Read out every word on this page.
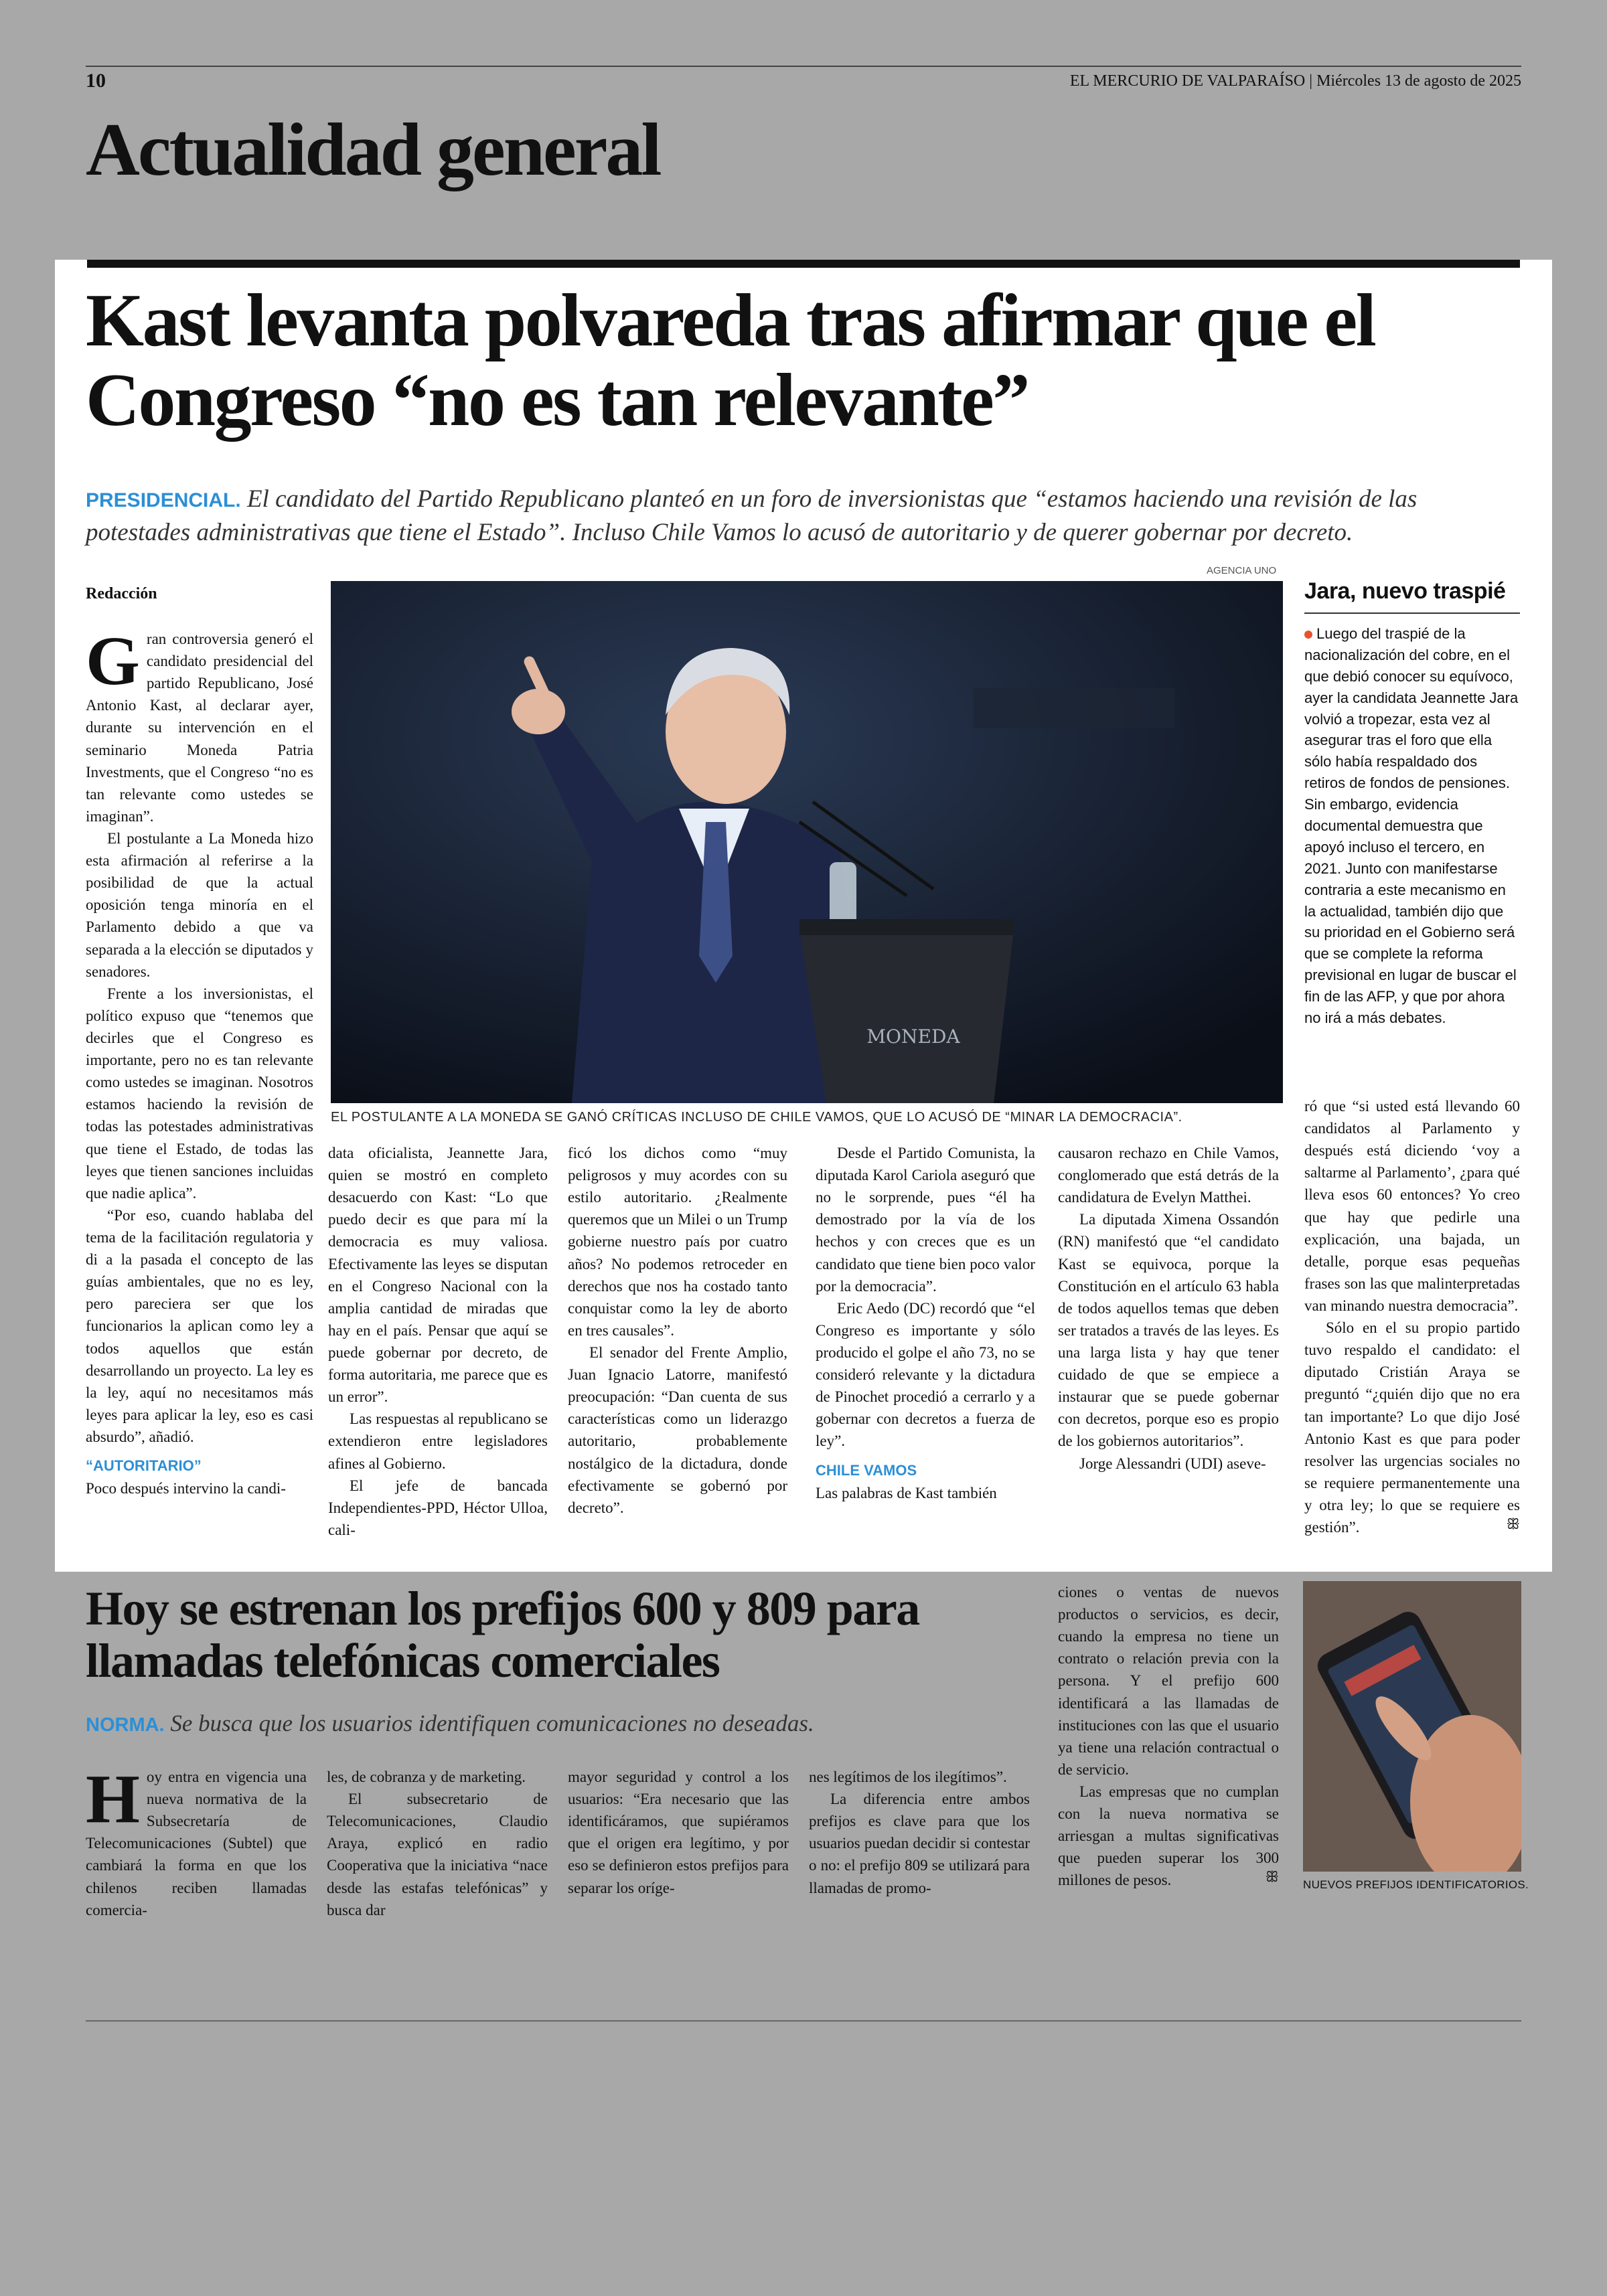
10	EL MERCURIO DE VALPARAÍSO | Miércoles 13 de agosto de 2025
Actualidad general
Kast levanta polvareda tras afirmar que el Congreso “no es tan relevante”
PRESIDENCIAL. El candidato del Partido Republicano planteó en un foro de inversionistas que “estamos haciendo una revisión de las potestades administrativas que tiene el Estado”. Incluso Chile Vamos lo acusó de autoritario y de querer gobernar por decreto.
Redacción

Gran controversia generó el candidato presidencial del partido Republicano, José Antonio Kast, al declarar ayer, durante su intervención en el seminario Moneda Patria Investments, que el Congreso “no es tan relevante como ustedes se imaginan”.

El postulante a La Moneda hizo esta afirmación al referirse a la posibilidad de que la actual oposición tenga minoría en el Parlamento debido a que va separada a la elección se diputados y senadores.

Frente a los inversionistas, el político expuso que “tenemos que decirles que el Congreso es importante, pero no es tan relevante como ustedes se imaginan. Nosotros estamos haciendo la revisión de todas las potestades administrativas que tiene el Estado, de todas las leyes que tienen sanciones incluidas que nadie aplica”.

“Por eso, cuando hablaba del tema de la facilitación regulatoria y di a la pasada el concepto de las guías ambientales, que no es ley, pero pareciera ser que los funcionarios la aplican como ley a todos aquellos que están desarrollando un proyecto. La ley es la ley, aquí no necesitamos más leyes para aplicar la ley, eso es casi absurdo”, añadió.

“AUTORITARIO”

Poco después intervino la candi-

AGENCIA UNO
MONEDA
EL POSTULANTE A LA MONEDA SE GANÓ CRÍTICAS INCLUSO DE CHILE VAMOS, QUE LO ACUSÓ DE “MINAR LA DEMOCRACIA”.

data oficialista, Jeannette Jara, quien se mostró en completo desacuerdo con Kast: “Lo que puedo decir es que para mí la democracia es muy valiosa. Efectivamente las leyes se disputan en el Congreso Nacional con la amplia cantidad de miradas que hay en el país. Pensar que aquí se puede gobernar por decreto, de forma autoritaria, me parece que es un error”.

Las respuestas al republicano se extendieron entre legisladores afines al Gobierno.

El jefe de bancada Independientes-PPD, Héctor Ulloa, cali-

ficó los dichos como “muy peligrosos y muy acordes con su estilo autoritario. ¿Realmente queremos que un Milei o un Trump gobierne nuestro país por cuatro años? No podemos retroceder en derechos que nos ha costado tanto conquistar como la ley de aborto en tres causales”.

El senador del Frente Amplio, Juan Ignacio Latorre, manifestó preocupación: “Dan cuenta de sus características como un liderazgo autoritario, probablemente nostálgico de la dictadura, donde efectivamente se gobernó por decreto”.

Desde el Partido Comunista, la diputada Karol Cariola aseguró que no le sorprende, pues “él ha demostrado por la vía de los hechos y con creces que es un candidato que tiene bien poco valor por la democracia”.

Eric Aedo (DC) recordó que “el Congreso es importante y sólo producido el golpe el año 73, no se consideró relevante y la dictadura de Pinochet procedió a cerrarlo y a gobernar con decretos a fuerza de ley”.

CHILE VAMOS

Las palabras de Kast también

causaron rechazo en Chile Vamos, conglomerado que está detrás de la candidatura de Evelyn Matthei.

La diputada Ximena Ossandón (RN) manifestó que “el candidato Kast se equivoca, porque la Constitución en el artículo 63 habla de todos aquellos temas que deben ser tratados a través de las leyes. Es una larga lista y hay que tener cuidado de que se empiece a instaurar que se puede gobernar con decretos, porque eso es propio de los gobiernos autoritarios”.

Jorge Alessandri (UDI) aseve-

ró que “si usted está llevando 60 candidatos al Parlamento y después está diciendo ‘voy a saltarme al Parlamento’, ¿para qué lleva esos 60 entonces? Yo creo que hay que pedirle una explicación, una bajada, un detalle, porque esas pequeñas frases son las que malinterpretadas van minando nuestra democracia”.

Sólo en el su propio partido tuvo respaldo el candidato: el diputado Cristián Araya se preguntó “¿quién dijo que no era tan importante? Lo que dijo José Antonio Kast es que para poder resolver las urgencias sociales no se requiere permanentemente una y otra ley; lo que se requiere es gestión”.	ꕥ

Jara, nuevo traspié
Luego del traspié de la nacionalización del cobre, en el que debió conocer su equívoco, ayer la candidata Jeannette Jara volvió a tropezar, esta vez al asegurar tras el foro que ella sólo había respaldado dos retiros de fondos de pensiones. Sin embargo, evidencia documental demuestra que apoyó incluso el tercero, en 2021. Junto con manifestarse contraria a este mecanismo en la actualidad, también dijo que su prioridad en el Gobierno será que se complete la reforma previsional en lugar de buscar el fin de las AFP, y que por ahora no irá a más debates.
Hoy se estrenan los prefijos 600 y 809 para llamadas telefónicas comerciales
NORMA. Se busca que los usuarios identifiquen comunicaciones no deseadas.

Hoy entra en vigencia una nueva normativa de la Subsecretaría de Telecomunicaciones (Subtel) que cambiará la forma en que los chilenos reciben llamadas comercia-

les, de cobranza y de marketing.

El subsecretario de Telecomunicaciones, Claudio Araya, explicó en radio Cooperativa que la iniciativa “nace desde las estafas telefónicas” y busca dar

mayor seguridad y control a los usuarios: “Era necesario que las identificáramos, que supiéramos que el origen era legítimo, y por eso se definieron estos prefijos para separar los oríge-

nes legítimos de los ilegítimos”.

La diferencia entre ambos prefijos es clave para que los usuarios puedan decidir si contestar o no: el prefijo 809 se utilizará para llamadas de promo-

ciones o ventas de nuevos productos o servicios, es decir, cuando la empresa no tiene un contrato o relación previa con la persona. Y el prefijo 600 identificará a las llamadas de instituciones con las que el usuario ya tiene una relación contractual o de servicio.

Las empresas que no cumplan con la nueva normativa se arriesgan a multas significativas que pueden superar los 300 millones de pesos.	ꕥ NUEVOS PREFIJOS IDENTIFICATORIOS.
